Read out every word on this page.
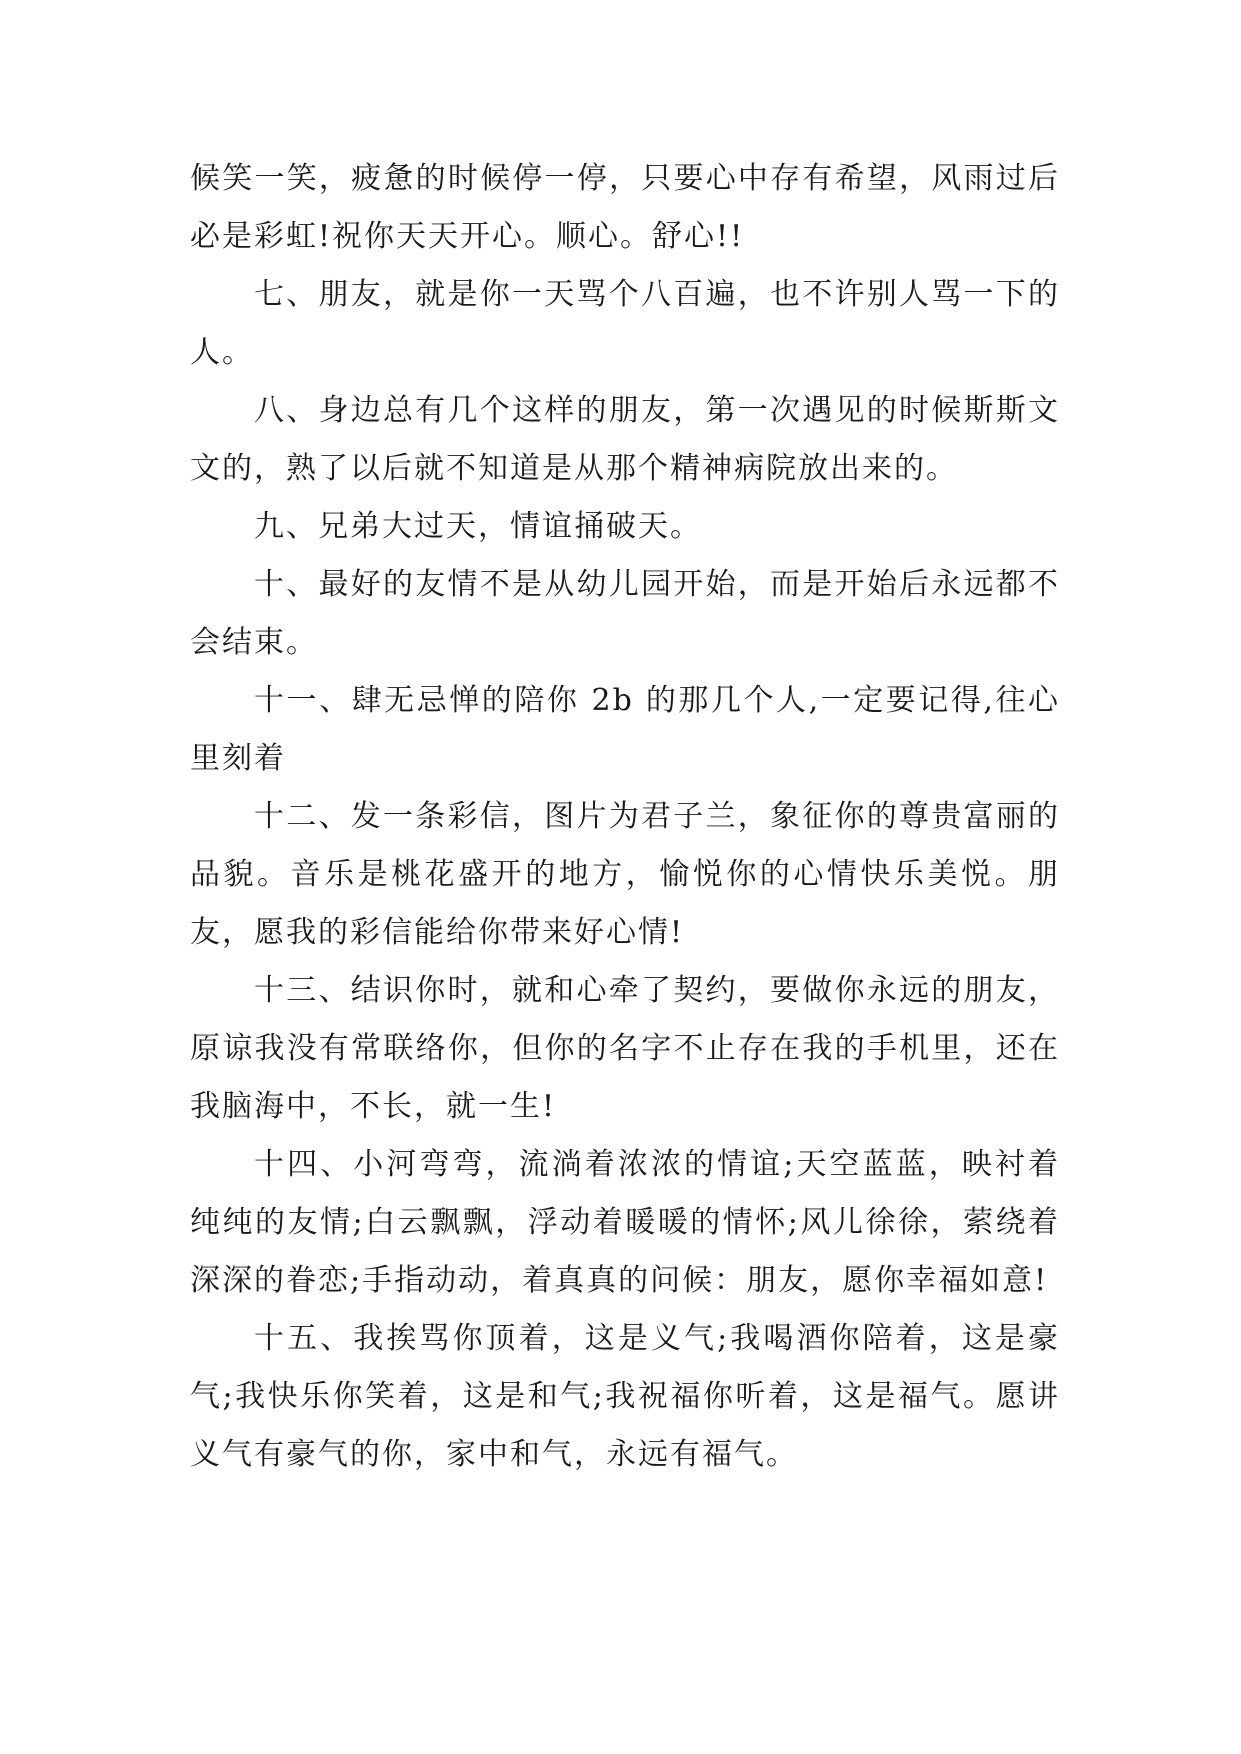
候笑一笑，疲惫的时候停一停，只要心中存有希望，风雨过后必是彩虹!祝你天天开心。顺心。舒心!!

七、朋友，就是你一天骂个八百遍，也不许别人骂一下的人。

八、身边总有几个这样的朋友，第一次遇见的时候斯斯文文的，熟了以后就不知道是从那个精神病院放出来的。

九、兄弟大过天，情谊捅破天。

十、最好的友情不是从幼儿园开始，而是开始后永远都不会结束。

十一、肆无忌惮的陪你 2b 的那几个人,一定要记得,往心里刻着

十二、发一条彩信，图片为君子兰，象征你的尊贵富丽的品貌。音乐是桃花盛开的地方，愉悦你的心情快乐美悦。朋友，愿我的彩信能给你带来好心情!

十三、结识你时，就和心牵了契约，要做你永远的朋友，原谅我没有常联络你，但你的名字不止存在我的手机里，还在我脑海中，不长，就一生!

十四、小河弯弯，流淌着浓浓的情谊;天空蓝蓝，映衬着纯纯的友情;白云飘飘，浮动着暖暖的情怀;风儿徐徐，萦绕着深深的眷恋;手指动动，着真真的问候：朋友，愿你幸福如意!

十五、我挨骂你顶着，这是义气;我喝酒你陪着，这是豪气;我快乐你笑着，这是和气;我祝福你听着，这是福气。愿讲义气有豪气的你，家中和气，永远有福气。
